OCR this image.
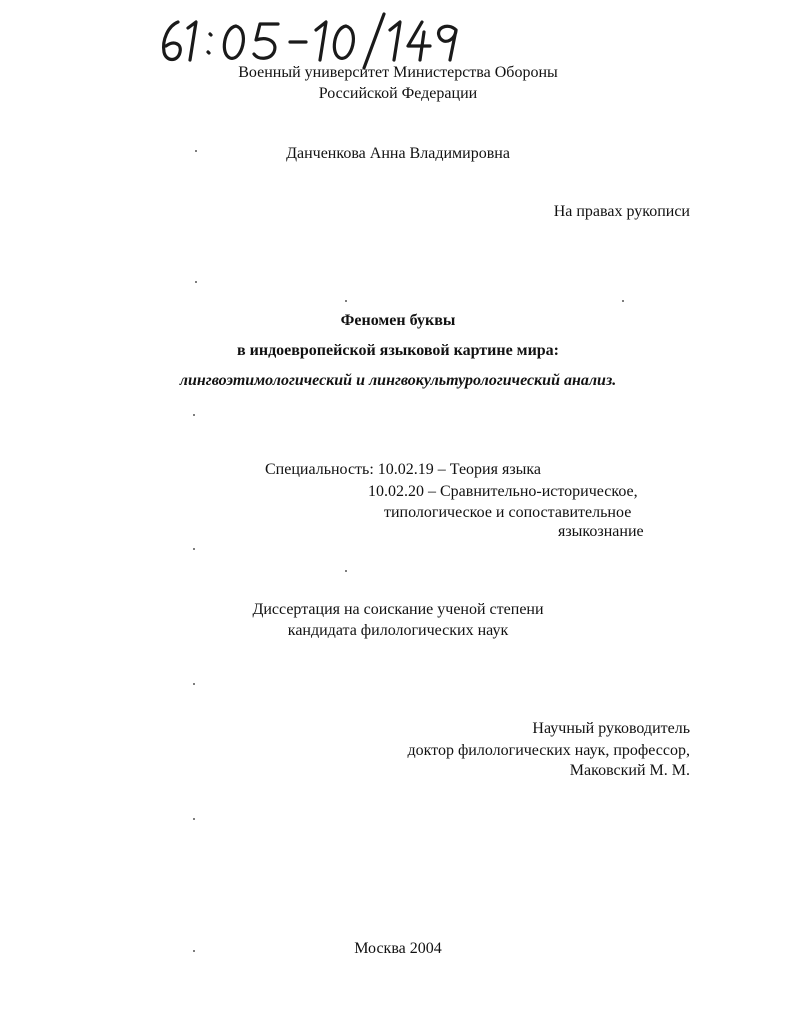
Военный университет Министерства Обороны
Российской Федерации
Данченкова Анна Владимировна
На правах рукописи
Феномен буквы
в индоевропейской языковой картине мира:
лингвоэтимологический и лингвокультурологический анализ.
Специальность: 10.02.19 – Теория языка
10.02.20 – Сравнительно-историческое,
типологическое и сопоставительное
языкознание
Диссертация на соискание ученой степени
кандидата филологических наук
Научный руководитель
доктор филологических наук, профессор,
Маковский М. М.
Москва 2004
